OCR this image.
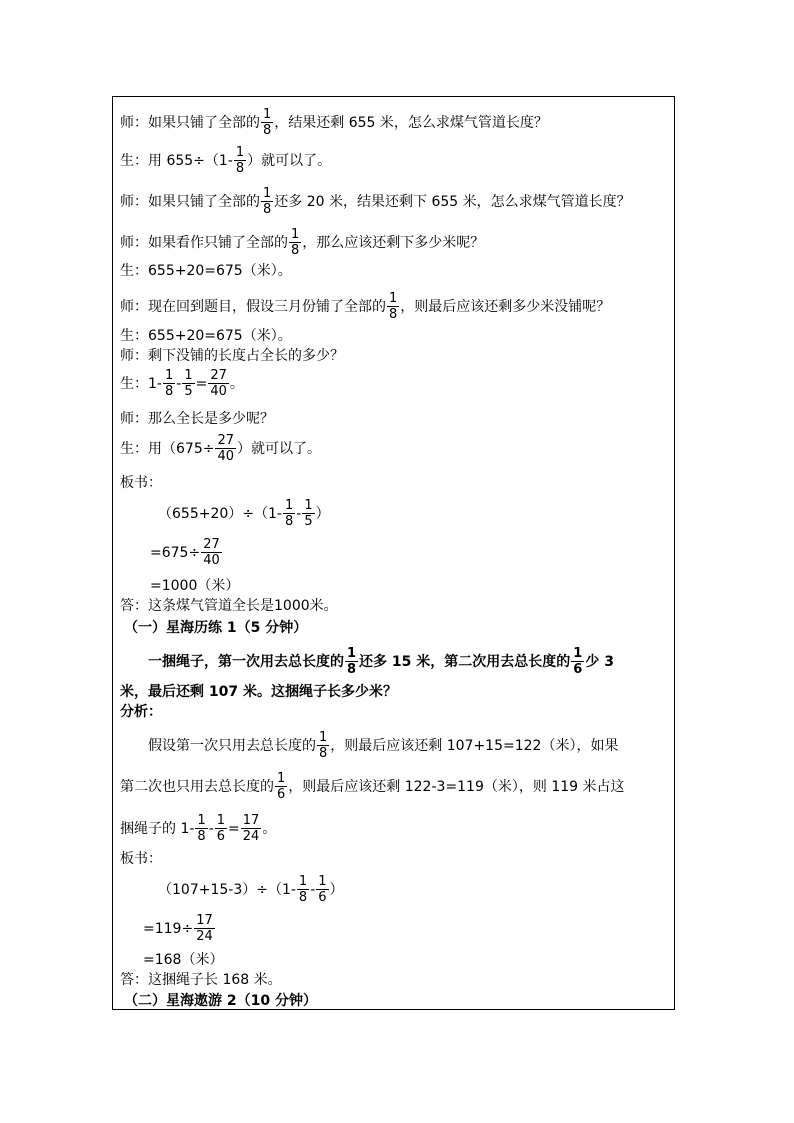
师：如果只铺了全部的 $\frac{1}{8}$ ，结果还剩 655 米，怎么求煤气管道长度？
生：用 $655\div(1- \frac{1}{8}$ ）就可以了。
师：如果只铺了全部的 $\frac{1}{8}$ 还多 20 米，结果还剩下 655 米，怎么求煤气管道长度？
师：如果看作只铺了全部的 $\frac{1}{8}$ ，那么应该还剩下多少米呢？
生：655+20=675（米）。
师：现在回到题目，假设三月份铺了全部的 $\frac{1}{8}$ ，则最后应该还剩多少米没铺呢？
生：655+20=675（米）。
师：剩下没铺的长度占全长的多少？
生：$1- \frac{1}{8} - \frac{1}{5} = \frac{27}{40}$ 。
师：那么全长是多少呢？
生：用（$675\div \frac{27}{40}$ ）就可以了。
板书：
$(655+20)\div(1- \frac{1}{8} - \frac{1}{5}$ ）
$=675\div \frac{27}{40}$
=1000（米）
答：这条煤气管道全长是1000米。
（一）星海历练 1（5 分钟）
一捆绳子，第一次用去总长度的 $\frac{1}{8}$ 还多 15 米，第二次用去总长度的 $\frac{1}{6}$ 少 3
米，最后还剩 107 米。这捆绳子长多少米？
分析：
假设第一次只用去总长度的 $\frac{1}{8}$ ，则最后应该还剩 107+15=122（米），如果
第二次也只用去总长度的 $\frac{1}{6}$ ，则最后应该还剩 122-3=119（米），则 119 米占这
捆绳子的 $1- \frac{1}{8} - \frac{1}{6} = \frac{17}{24}$ 。
板书：
$(107+15-3)\div(1- \frac{1}{8} - \frac{1}{6}$ ）
$=119\div \frac{17}{24}$
=168（米）
答：这捆绳子长 168 米。
（二）星海遨游 2（10 分钟）
